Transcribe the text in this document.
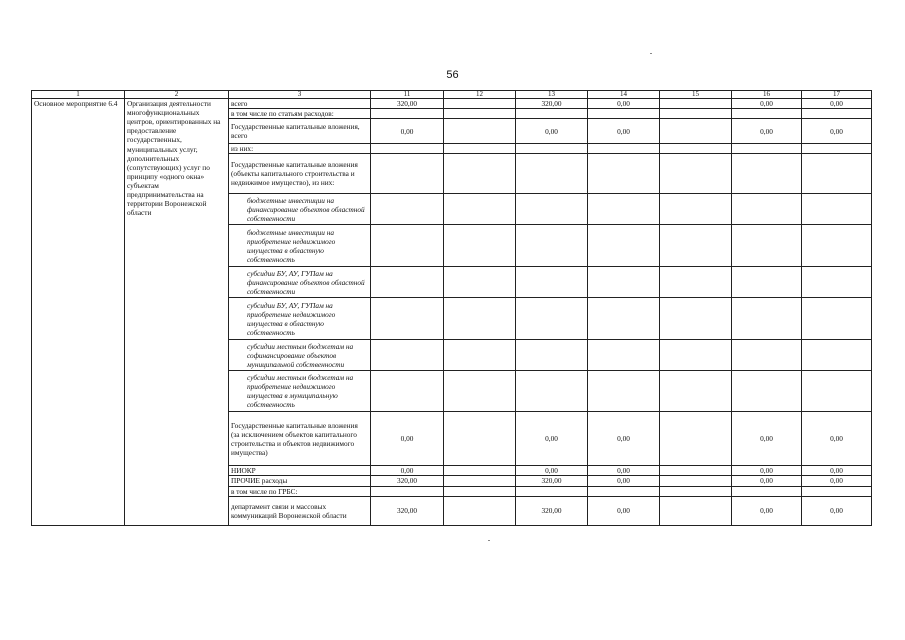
56
1	2	3	11	12	13	14	15	16	17
Основное мероприятие 6.4	Организация деятельности многофункциональных центров, ориентированных на предоставление государственных, муниципальных услуг, дополнительных (сопутствующих) услуг по принципу «одного окна» субъектам предпринимательства на территории Воронежской области	всего	320,00		320,00	0,00		0,00	0,00
		в том числе по статьям расходов:							
		Государственные капитальные вложения, всего	0,00		0,00	0,00		0,00	0,00
		из них:							
		Государственные капитальные вложения (объекты капитального строительства и недвижимое имущество), из них:							
		бюджетные инвестиции на финансирование объектов областной собственности							
		бюджетные инвестиции на приобретение недвижимого имущества в областную собственность							
		субсидии БУ, АУ, ГУПам на финансирование объектов областной собственности							
		субсидии БУ, АУ, ГУПам на приобретение недвижимого имущества в областную собственность							
		субсидии местным бюджетам на софинансирование объектов муниципальной собственности							
		субсидии местным бюджетам на приобретение недвижимого имущества в муниципальную собственность							
		Государственные капитальные вложения (за исключением объектов капитального строительства и объектов недвижимого имущества)	0,00		0,00	0,00		0,00	0,00
		НИОКР	0,00		0,00	0,00		0,00	0,00
		ПРОЧИЕ расходы	320,00		320,00	0,00		0,00	0,00
		в том числе по ГРБС:							
		департамент связи и массовых коммуникаций Воронежской области	320,00		320,00	0,00		0,00	0,00
